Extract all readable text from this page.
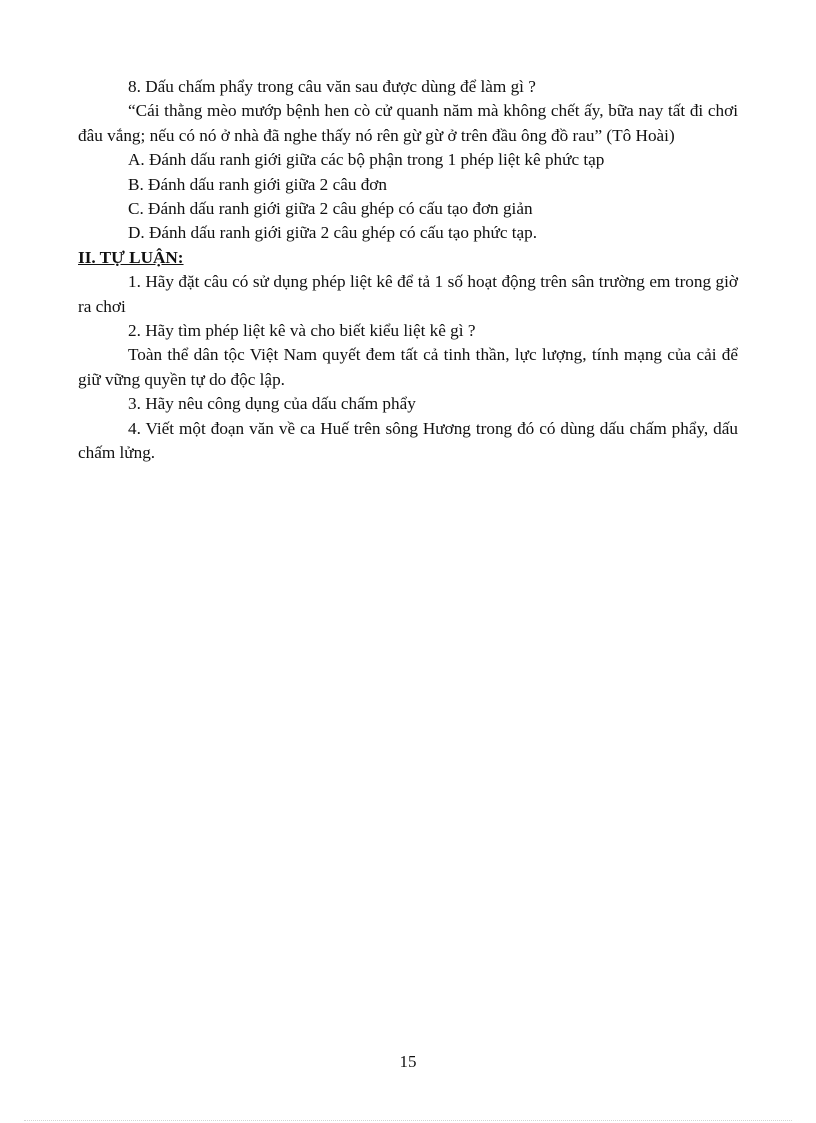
8. Dấu chấm phẩy trong câu văn sau được dùng để làm gì ?

“Cái thằng mèo mướp bệnh hen cò cử quanh năm mà không chết ấy, bữa nay tất đi chơi đâu vắng; nếu có nó ở nhà đã nghe thấy nó rên gừ gừ ở trên đầu ông đồ rau” (Tô Hoài)

A. Đánh dấu ranh giới giữa các bộ phận trong 1 phép liệt kê phức tạp

B. Đánh dấu ranh giới giữa 2 câu đơn

C. Đánh dấu ranh giới giữa 2 câu ghép có cấu tạo đơn giản

D. Đánh dấu ranh giới giữa 2 câu ghép có cấu tạo phức tạp.

II. TỰ LUẬN:

1. Hãy đặt câu có sử dụng phép liệt kê để tả 1 số hoạt động trên sân trường em trong giờ ra chơi

2. Hãy tìm phép liệt kê và cho biết kiểu liệt kê gì ?

Toàn thể dân tộc Việt Nam quyết đem tất cả tinh thần, lực lượng, tính mạng của cải để giữ vững quyền tự do độc lập.

3. Hãy nêu công dụng của dấu chấm phẩy

4. Viết một đoạn văn về ca Huế trên sông Hương trong đó có dùng dấu chấm phẩy, dấu chấm lửng.

15
